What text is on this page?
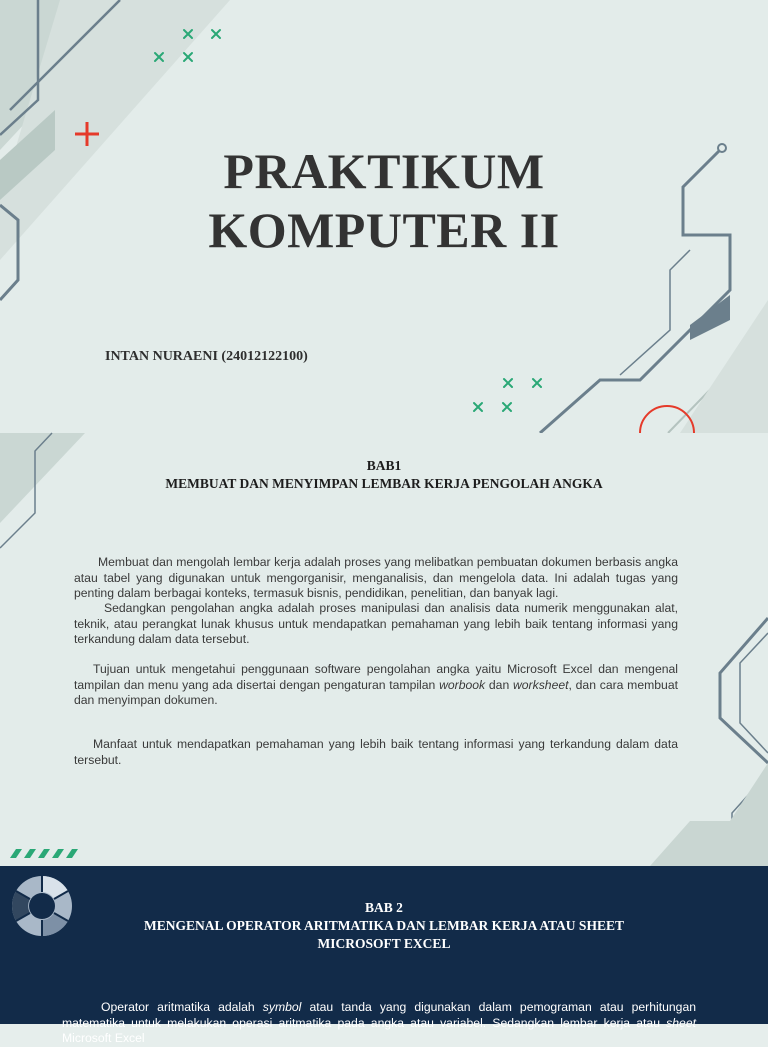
PRAKTIKUM
KOMPUTER II
INTAN NURAENI (24012122100)
BAB1
MEMBUAT DAN MENYIMPAN LEMBAR KERJA PENGOLAH ANGKA

Membuat dan mengolah lembar kerja adalah proses yang melibatkan pembuatan dokumen berbasis angka atau tabel yang digunakan untuk mengorganisir, menganalisis, dan mengelola data. Ini adalah tugas yang penting dalam berbagai konteks, termasuk bisnis, pendidikan, penelitian, dan banyak lagi.

Sedangkan pengolahan angka adalah proses manipulasi dan analisis data numerik menggunakan alat, teknik, atau perangkat lunak khusus untuk mendapatkan pemahaman yang lebih baik tentang informasi yang terkandung dalam data tersebut.

Tujuan untuk mengetahui penggunaan software pengolahan angka yaitu Microsoft Excel dan mengenal tampilan dan menu yang ada disertai dengan pengaturan tampilan worbook dan worksheet, dan cara membuat dan menyimpan dokumen.

Manfaat untuk mendapatkan pemahaman yang lebih baik tentang informasi yang terkandung dalam data tersebut.

BAB 2
MENGENAL OPERATOR ARITMATIKA DAN LEMBAR KERJA ATAU SHEET
MICROSOFT EXCEL

Operator aritmatika adalah symbol atau tanda yang digunakan dalam pemograman atau perhitungan matematika untuk melakukan operasi aritmatika pada angka atau variabel. Sedangkan lembar kerja atau sheet Microsoft Excel
